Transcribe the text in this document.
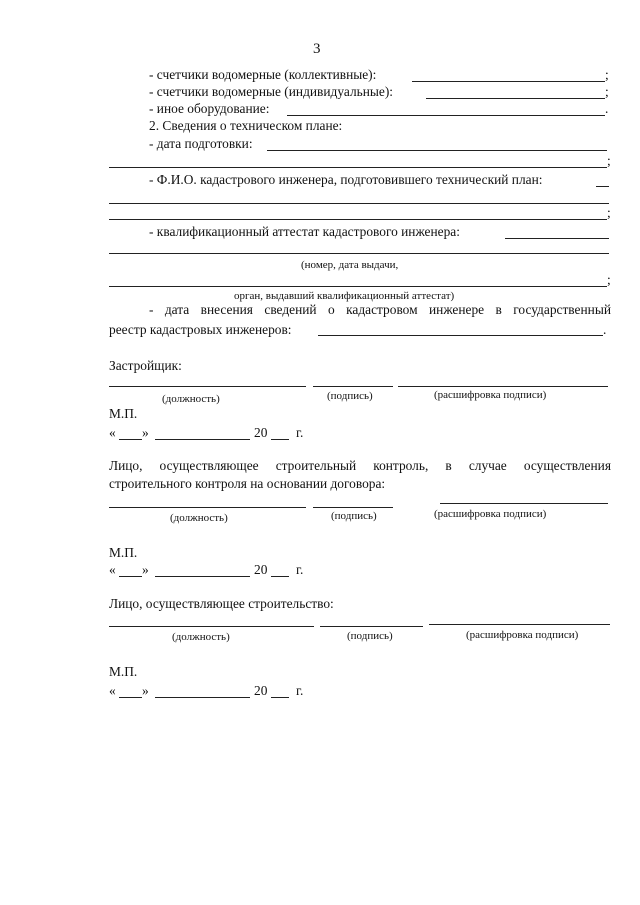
3
- счетчики водомерные (коллективные):	;
- счетчики водомерные (индивидуальные):	;
- иное оборудование:	.
2. Сведения о техническом плане:
- дата подготовки:
;
- Ф.И.О. кадастрового инженера, подготовившего технический план:
;
- квалификационный аттестат кадастрового инженера:
(номер, дата выдачи,
;
орган, выдавший квалификационный аттестат)
- дата внесения сведений о кадастровом инженере в государственный
реестр кадастровых инженеров:	.
Застройщик:
(должность)	(подпись)	(расшифровка подписи)
М.П.
« »	20 г.
Лицо, осуществляющее строительный контроль, в случае осуществления
строительного контроля на основании договора:
(должность)	(подпись)	(расшифровка подписи)
М.П.
« »	20 г.
Лицо, осуществляющее строительство:
(должность)	(подпись)	(расшифровка подписи)
М.П.
« »	20 г.
